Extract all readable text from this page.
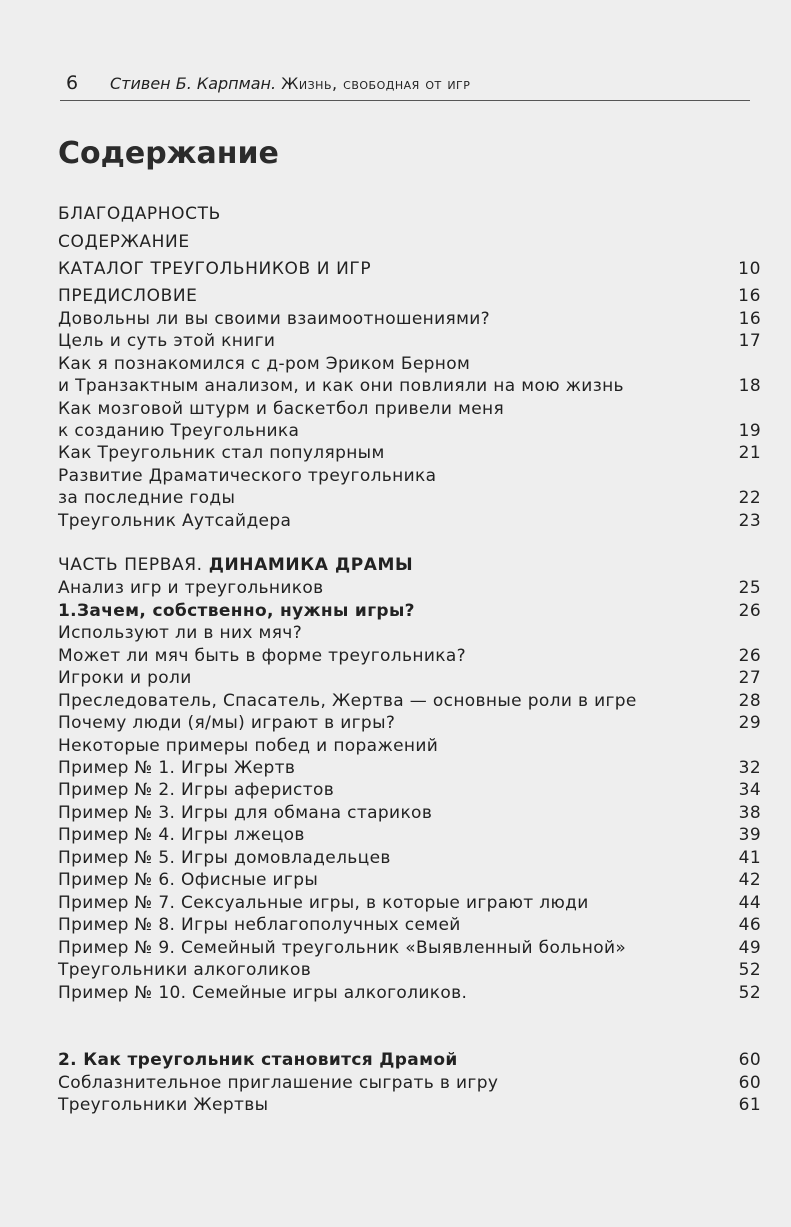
6 Стивен Б. Карпман. Жизнь, свободная от игр
Содержание
БЛАГОДАРНОСТЬ
СОДЕРЖАНИЕ
КАТАЛОГ ТРЕУГОЛЬНИКОВ И ИГР	10
ПРЕДИСЛОВИЕ	16
Довольны ли вы своими взаимоотношениями?	16
Цель и суть этой книги	17
Как я познакомился с д-ром Эриком Берном
и Транзактным анализом, и как они повлияли на мою жизнь	18
Как мозговой штурм и баскетбол привели меня
к созданию Треугольника	19
Как Треугольник стал популярным	21
Развитие Драматического треугольника
за последние годы	22
Треугольник Аутсайдера	23
ЧАСТЬ ПЕРВАЯ. ДИНАМИКА ДРАМЫ
Анализ игр и треугольников	25
1.Зачем, собственно, нужны игры?	26
Используют ли в них мяч?
Может ли мяч быть в форме треугольника?	26
Игроки и роли	27
Преследователь, Спасатель, Жертва — основные роли в игре	28
Почему люди (я/мы) играют в игры?	29
Некоторые примеры побед и поражений
Пример № 1. Игры Жертв	32
Пример № 2. Игры аферистов	34
Пример № 3. Игры для обмана стариков	38
Пример № 4. Игры лжецов	39
Пример № 5. Игры домовладельцев	41
Пример № 6. Офисные игры	42
Пример № 7. Сексуальные игры, в которые играют люди	44
Пример № 8. Игры неблагополучных семей	46
Пример № 9. Семейный треугольник «Выявленный больной»	49
Треугольники алкоголиков	52
Пример № 10. Семейные игры алкоголиков.	52
2. Как треугольник становится Драмой	60
Соблазнительное приглашение сыграть в игру	60
Треугольники Жертвы	61
